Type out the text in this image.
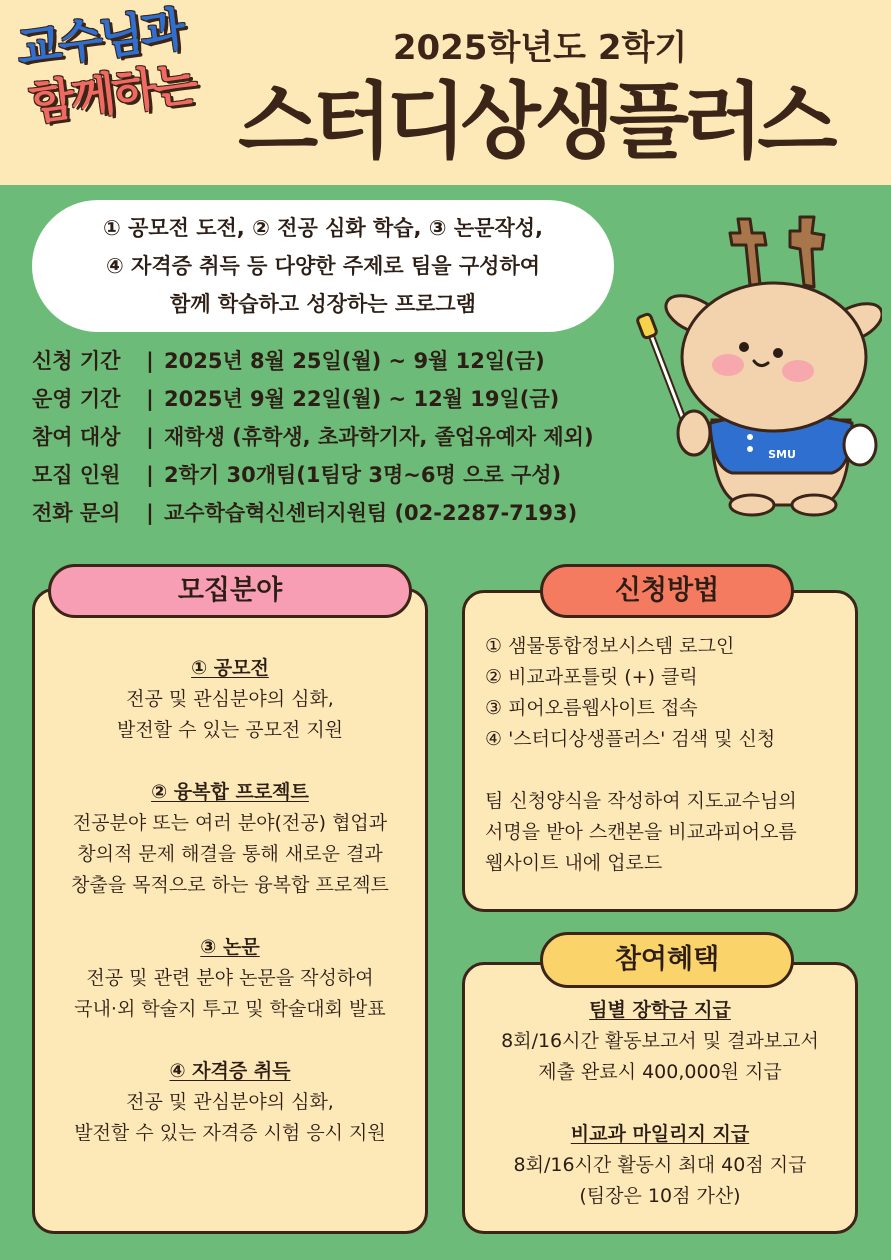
교수님과
함께하는
2025학년도 2학기
스터디상생플러스
① 공모전 도전, ② 전공 심화 학습, ③ 논문작성,
④ 자격증 취득 등 다양한 주제로 팀을 구성하여
함께 학습하고 성장하는 프로그램
신청 기간 | 2025년 8월 25일(월) ~ 9월 12일(금)
운영 기간 | 2025년 9월 22일(월) ~ 12월 19일(금)
참여 대상 | 재학생 (휴학생, 초과학기자, 졸업유예자 제외)
모집 인원 | 2학기 30개팀(1팀당 3명~6명 으로 구성)
전화 문의 | 교수학습혁신센터지원팀 (02-2287-7193)
SMU
① 공모전
전공 및 관심분야의 심화,
발전할 수 있는 공모전 지원
② 융복합 프로젝트
전공분야 또는 여러 분야(전공) 협업과
창의적 문제 해결을 통해 새로운 결과
창출을 목적으로 하는 융복합 프로젝트
③ 논문
전공 및 관련 분야 논문을 작성하여
국내·외 학술지 투고 및 학술대회 발표
④ 자격증 취득
전공 및 관심분야의 심화,
발전할 수 있는 자격증 시험 응시 지원
모집분야
① 샘물통합정보시스템 로그인
② 비교과포틀릿 (+) 클릭
③ 피어오름웹사이트 접속
④ '스터디상생플러스' 검색 및 신청
팀 신청양식을 작성하여 지도교수님의
서명을 받아 스캔본을 비교과피어오름
웹사이트 내에 업로드
신청방법
팀별 장학금 지급
8회/16시간 활동보고서 및 결과보고서
제출 완료시 400,000원 지급
비교과 마일리지 지급
8회/16시간 활동시 최대 40점 지급
(팀장은 10점 가산)
참여혜택
